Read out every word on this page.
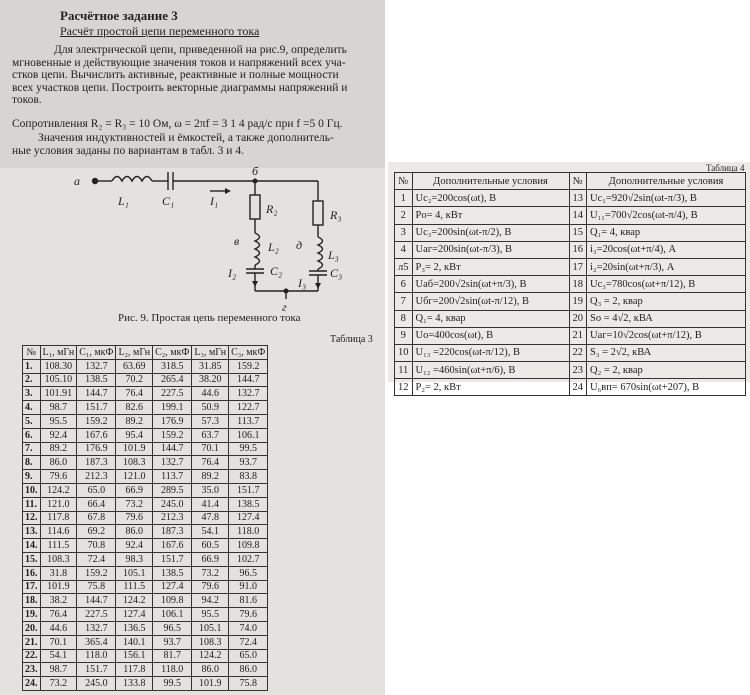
Расчётное задание 3
Расчёт простой цепи переменного тока
Для электрической цепи, приведенной на рис.9, определить
мгновенные и действующие значения токов и напряжений всех уча-
стков цепи. Вычислить активные, реактивные и полные мощности
всех участков цепи. Построить векторные диаграммы напряжений и
токов.
Сопротивления R₂ = R₃ = 10 Ом, ω = 2πf = 3 1 4 рад/с при f =5 0 Гц.
Значения индуктивностей и ёмкостей, а также дополнитель-
ные условия заданы по вариантам в табл. 3 и 4.
a
б
в	д
г
L₁	C₁	I₁
R₂
L₂
C₂
I₂
R₃
L₃
C₃
I₃
Рис. 9. Простая цепь переменного тока
Таблица 3
№	L₁, мГн	C₁, мкФ	L₂, мГн	C₂, мкФ	L₃, мГн	C₃, мкФ
1.	108.30	132.7	63.69	318.5	31.85	159.2
2.	105.10	138.5	70.2	265.4	38.20	144.7
3.	101.91	144.7	76.4	227.5	44.6	132.7
4.	98.7	151.7	82.6	199.1	50.9	122.7
5.	95.5	159.2	89.2	176.9	57.3	113.7
6.	92.4	167.6	95.4	159.2	63.7	106.1
7.	89.2	176.9	101.9	144.7	70.1	99.5
8.	86.0	187.3	108.3	132.7	76.4	93.7
9.	79.6	212.3	121.0	113.7	89.2	83.8
10.	124.2	65.0	66.9	289.5	35.0	151.7
11.	121.0	66.4	73.2	245.0	41.4	138.5
12.	117.8	67.8	79.6	212.3	47.8	127.4
13.	114.6	69.2	86.0	187.3	54.1	118.0
14.	111.5	70.8	92.4	167.6	60.5	109.8
15.	108.3	72.4	98.3	151.7	66.9	102.7
16.	31.8	159.2	105.1	138.5	73.2	96.5
17.	101.9	75.8	111.5	127.4	79.6	91.0
18.	38.2	144.7	124.2	109.8	94.2	81.6
19.	76.4	227.5	127.4	106.1	95.5	79.6
20.	44.6	132.7	136.5	96.5	105.1	74.0
21.	70.1	365.4	140.1	93.7	108.3	72.4
22.	54.1	118.0	156.1	81.7	124.2	65.0
23.	98.7	151.7	117.8	118.0	86.0	86.0
24.	73.2	245.0	133.8	99.5	101.9	75.8
Таблица 4
№	Дополнительные условия	№	Дополнительные условия
1	Uc₂=200cos(ωt), В	13	Uc₁=920√2sin(ωt-π/3), В
2	Pо= 4, кВт	14	U₁₁=700√2cos(ωt-π/4), В
3	Uc₃=200sin(ωt-π/2), В	15	Q₁= 4, квар
4	Uаг=200sin(ωt-π/3), В	16	i₃=20cos(ωt+π/4), А
л5	P₃= 2, кВт	17	i₂=20sin(ωt+π/3), А
6	Uаб=200√2sin(ωt+π/3), В	18	Uc₃=780cos(ωt+π/12), В
7	Uбг=200√2sin(ωt-π/12), В	19	Q₃ = 2, квар
8	Q₁= 4, квар	20	Sо = 4√2, кВА
9	Uо=400cos(ωt), В	21	Uаг=10√2cos(ωt+π/12), В
10	U₁₃ =220cos(ωt-π/12), В	22	S₃ = 2√2, кВА
11	U₁₂ =460sin(ωt+π/6), В	23	Q₂ = 2, квар
12	P₂= 2, кВт	24	U₆вп= 670sin(ωt+207), В
